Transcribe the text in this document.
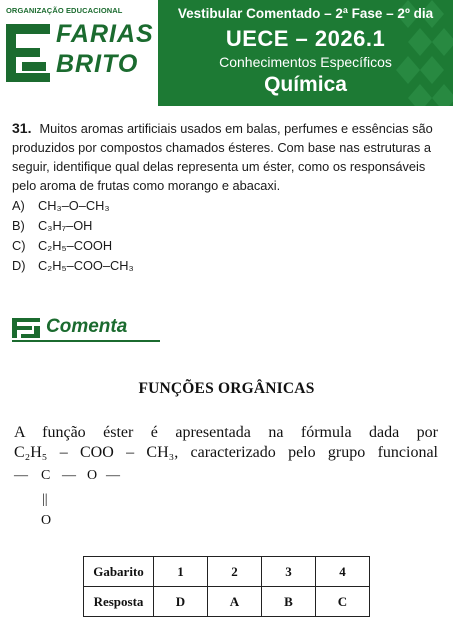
ORGANIZAÇÃO EDUCACIONAL
FARIAS
BRITO
Vestibular Comentado – 2ª Fase – 2º dia
UECE – 2026.1
Conhecimentos Específicos
Química
31. Muitos aromas artificiais usados em balas, perfumes e essências são produzidos por compostos chamados ésteres. Com base nas estruturas a seguir, identifique qual delas representa um éster, como os responsáveis pelo aroma de frutas como morango e abacaxi.
A) CH₃–O–CH₃
B) C₃H₇–OH
C) C₂H₅–COOH
D) C₂H₅–COO–CH₃
Comenta
FUNÇÕES ORGÂNICAS
A função éster é apresentada na fórmula dada por
C₂H₅ – COO – CH₃, caracterizado pelo grupo funcional
— C — O —
||
O
Gabarito	1	2	3	4
Resposta	D	A	B	C
